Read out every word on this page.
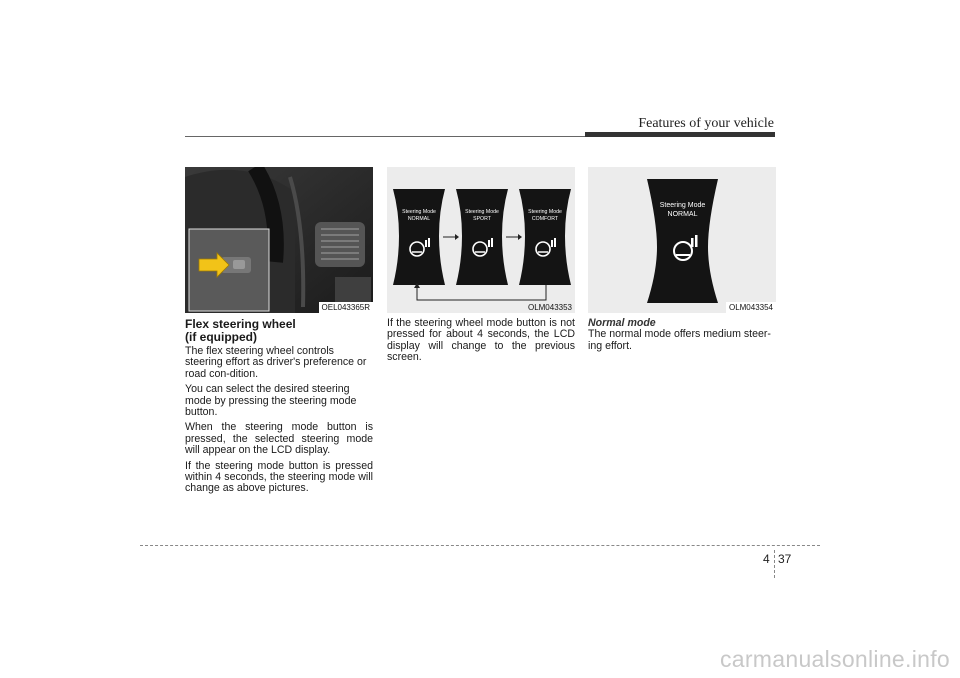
Features of your vehicle
OEL043365R
Steering Mode
NORMAL
Steering Mode
SPORT
Steering Mode
COMFORT
OLM043353
Steering Mode
NORMAL
OLM043354
Flex steering wheel
(if equipped)

The flex steering wheel controls steering effort as driver's preference or road con-dition.

You can select the desired steering mode by pressing the steering mode button.

When the steering mode button is pressed, the selected steering mode will appear on the LCD display.

If the steering mode button is pressed within 4 seconds, the steering mode will change as above pictures.

If the steering wheel mode button is not pressed for about 4 seconds, the LCD display will change to the previous screen.

Normal mode

The normal mode offers medium steer-ing effort.

4 37
carmanualsonline.info
